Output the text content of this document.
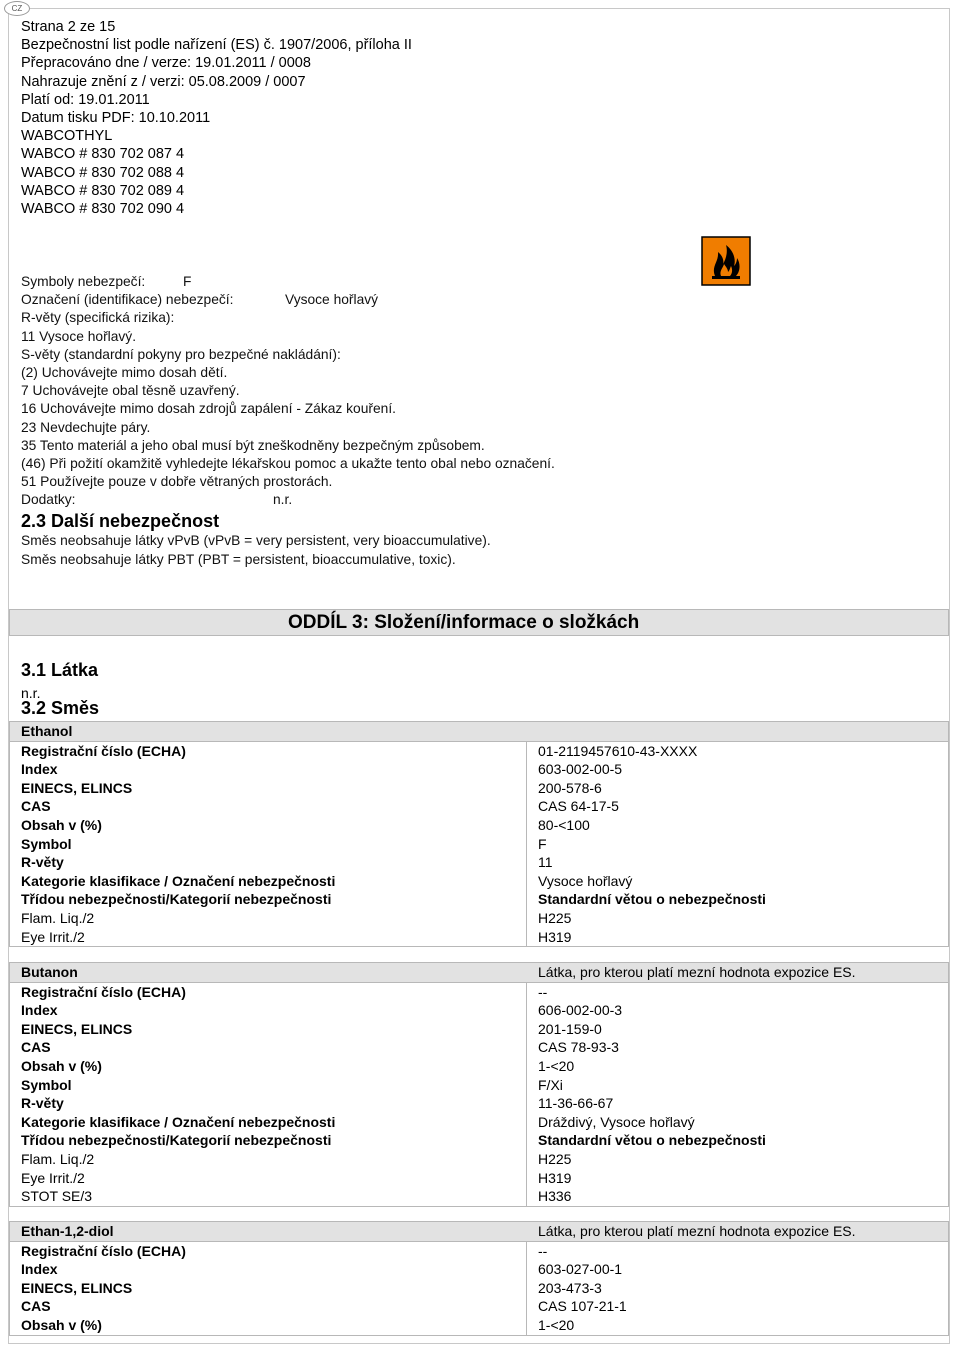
CZ
Strana 2 ze 15
Bezpečnostní list podle nařízení (ES) č. 1907/2006, příloha II
Přepracováno dne / verze: 19.01.2011 / 0008
Nahrazuje znění z / verzi: 05.08.2009 / 0007
Platí od: 19.01.2011
Datum tisku PDF: 10.10.2011
WABCOTHYL
WABCO # 830 702 087 4
WABCO # 830 702 088 4
WABCO # 830 702 089 4
WABCO # 830 702 090 4
Symboly nebezpečí:	F
Označení (identifikace) nebezpečí:	Vysoce hořlavý
R-věty (specifická rizika):
11 Vysoce hořlavý.
S-věty (standardní pokyny pro bezpečné nakládání):
(2) Uchovávejte mimo dosah dětí.
7 Uchovávejte obal těsně uzavřený.
16 Uchovávejte mimo dosah zdrojů zapálení - Zákaz kouření.
23 Nevdechujte páry.
35 Tento materiál a jeho obal musí být zneškodněny bezpečným způsobem.
(46) Při požití okamžitě vyhledejte lékařskou pomoc a ukažte tento obal nebo označení.
51 Používejte pouze v dobře větraných prostorách.
Dodatky:	n.r.
2.3 Další nebezpečnost
Směs neobsahuje látky vPvB (vPvB = very persistent, very bioaccumulative).
Směs neobsahuje látky PBT (PBT = persistent, bioaccumulative, toxic).
ODDÍL 3: Složení/informace o složkách
3.1 Látka
n.r.
3.2 Směs
Ethanol
Registrační číslo (ECHA)	01-2119457610-43-XXXX
Index	603-002-00-5
EINECS, ELINCS	200-578-6
CAS	CAS 64-17-5
Obsah v (%)	80-<100
Symbol	F
R-věty	11
Kategorie klasifikace / Označení nebezpečnosti	Vysoce hořlavý
Třídou nebezpečnosti/Kategorií nebezpečnosti	Standardní větou o nebezpečnosti
Flam. Liq./2	H225
Eye Irrit./2	H319
Butanon	Látka, pro kterou platí mezní hodnota expozice ES.
Registrační číslo (ECHA)	--
Index	606-002-00-3
EINECS, ELINCS	201-159-0
CAS	CAS 78-93-3
Obsah v (%)	1-<20
Symbol	F/Xi
R-věty	11-36-66-67
Kategorie klasifikace / Označení nebezpečnosti	Dráždivý, Vysoce hořlavý
Třídou nebezpečnosti/Kategorií nebezpečnosti	Standardní větou o nebezpečnosti
Flam. Liq./2	H225
Eye Irrit./2	H319
STOT SE/3	H336
Ethan-1,2-diol	Látka, pro kterou platí mezní hodnota expozice ES.
Registrační číslo (ECHA)	--
Index	603-027-00-1
EINECS, ELINCS	203-473-3
CAS	CAS 107-21-1
Obsah v (%)	1-<20
